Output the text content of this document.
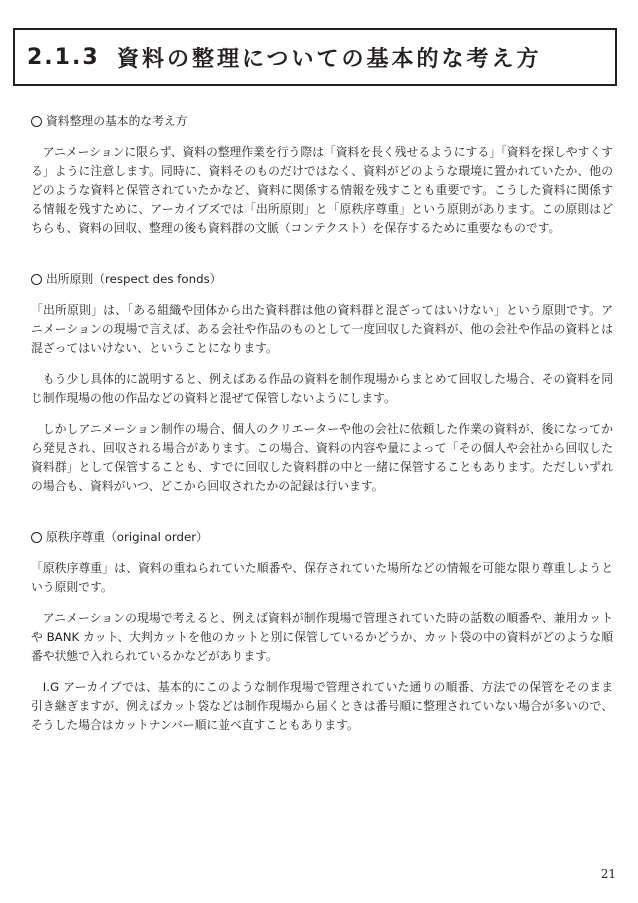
2.1.3 資料の整理についての基本的な考え方
資料整理の基本的な考え方

アニメーションに限らず、資料の整理作業を行う際は「資料を長く残せるようにする」「資料を探しやすくする」ように注意します。同時に、資料そのものだけではなく、資料がどのような環境に置かれていたか、他のどのような資料と保管されていたかなど、資料に関係する情報を残すことも重要です。こうした資料に関係する情報を残すために、アーカイブズでは「出所原則」と「原秩序尊重」という原則があります。この原則はどちらも、資料の回収、整理の後も資料群の文脈（コンテクスト）を保存するために重要なものです。

出所原則（respect des fonds）

「出所原則」は、「ある組織や団体から出た資料群は他の資料群と混ざってはいけない」という原則です。アニメーションの現場で言えば、ある会社や作品のものとして一度回収した資料が、他の会社や作品の資料とは混ざってはいけない、ということになります。

もう少し具体的に説明すると、例えばある作品の資料を制作現場からまとめて回収した場合、その資料を同じ制作現場の他の作品などの資料と混ぜて保管しないようにします。

しかしアニメーション制作の場合、個人のクリエーターや他の会社に依頼した作業の資料が、後になってから発見され、回収される場合があります。この場合、資料の内容や量によって「その個人や会社から回収した資料群」として保管することも、すでに回収した資料群の中と一緒に保管することもあります。ただしいずれの場合も、資料がいつ、どこから回収されたかの記録は行います。

原秩序尊重（original order）

「原秩序尊重」は、資料の重ねられていた順番や、保存されていた場所などの情報を可能な限り尊重しようという原則です。

アニメーションの現場で考えると、例えば資料が制作現場で管理されていた時の話数の順番や、兼用カットや BANK カット、大判カットを他のカットと別に保管しているかどうか、カット袋の中の資料がどのような順番や状態で入れられているかなどがあります。

I.G アーカイブでは、基本的にこのような制作現場で管理されていた通りの順番、方法での保管をそのまま引き継ぎますが、例えばカット袋などは制作現場から届くときは番号順に整理されていない場合が多いので、そうした場合はカットナンバー順に並べ直すこともあります。

21
